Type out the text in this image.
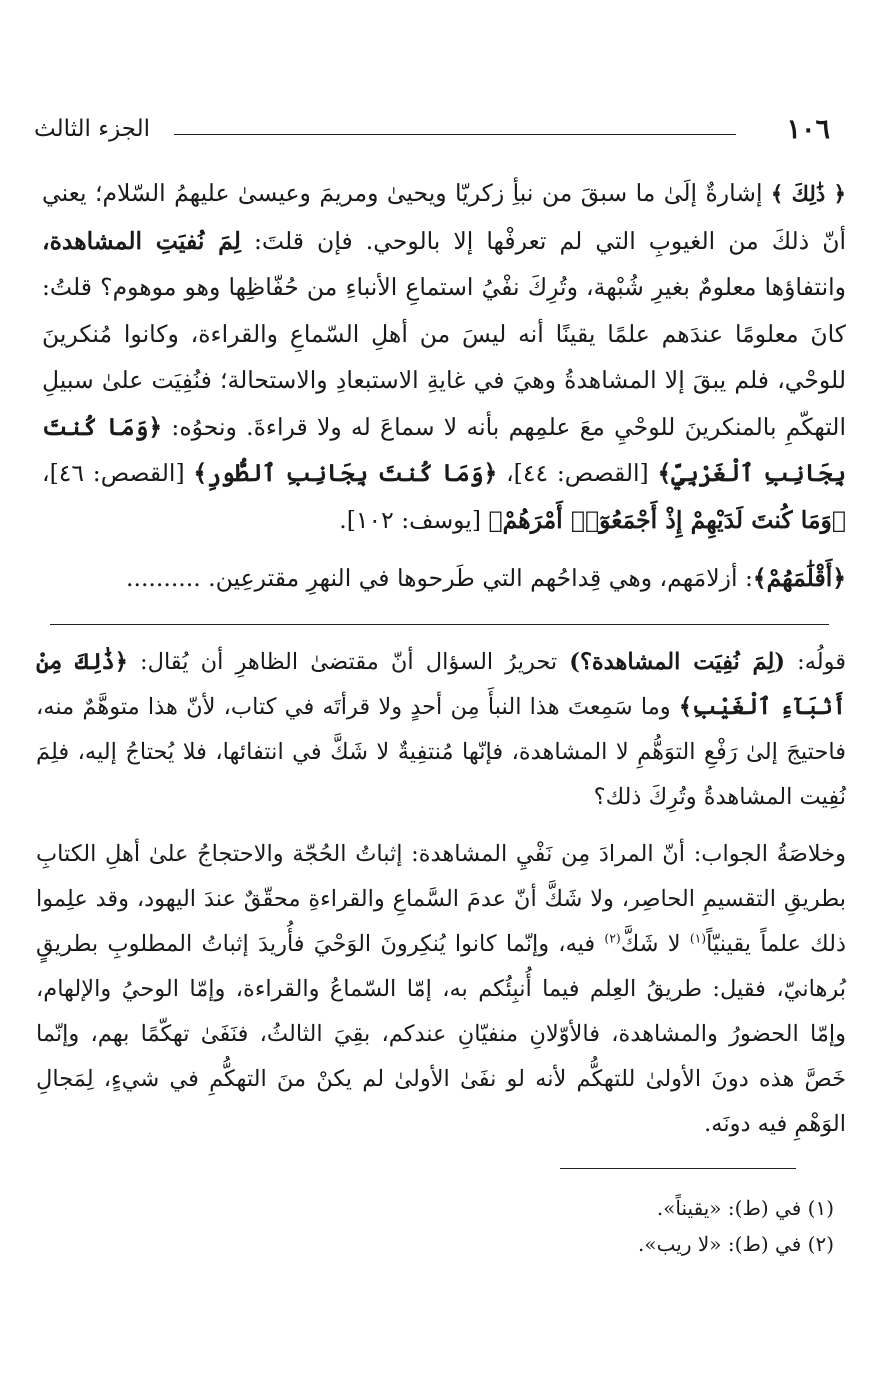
١٠٦
الجزء الثالث

﴿ ذَٰلِكَ ﴾ إشارةٌ إلَىٰ ما سبقَ من نبأِ زكريّا ويحيىٰ ومريمَ وعيسىٰ عليهمُ السّلام؛ يعني أنّ ذلكَ من الغيوبِ التي لم تعرفْها إلا بالوحي. فإن قلتَ: لِمَ نُفيَتِ المشاهدة، وانتفاؤها معلومٌ بغيرِ شُبْهة، وتُرِكَ نفْيُ استماعِ الأنباءِ من حُفّاظِها وهو موهوم؟ قلتُ: كانَ معلومًا عندَهم علمًا يقينًا أنه ليسَ من أهلِ السّماعِ والقراءة، وكانوا مُنكرينَ للوحْي، فلم يبقَ إلا المشاهدةُ وهيَ في غايةِ الاستبعادِ والاستحالة؛ فنُفِيَت علىٰ سبيلِ التهكّمِ بالمنكرينَ للوحْيِ معَ علمِهم بأنه لا سماعَ له ولا قراءةَ. ونحوُه: ﴿وَمَا كُنتَ بِجَانِبِ ٱلْغَرْبِيِّ﴾ [القصص: ٤٤]، ﴿وَمَا كُنتَ بِجَانِبِ ٱلطُّورِ﴾ [القصص: ٤٦]، ﴿وَمَا كُنتَ لَدَيْهِمْ إِذْ أَجْمَعُوٓا۟ أَمْرَهُمْ﴾ [يوسف: ١٠٢].

﴿أَقْلَٰمَهُمْ﴾: أزلامَهم، وهي قِداحُهم التي طَرحوها في النهرِ مقترعِين. ..........

قولُه: (لِمَ نُفِيَت المشاهدة؟) تحريرُ السؤال أنّ مقتضىٰ الظاهرِ أن يُقال: ﴿ذَٰلِكَ مِنْ أَنۢبَآءِ ٱلْغَيْبِ﴾ وما سَمِعتَ هذا النبأَ مِن أحدٍ ولا قرأتَه في كتاب، لأنّ هذا متوهَّمٌ منه، فاحتيجَ إلىٰ رَفْعِ التوَهُّمِ لا المشاهدة، فإنّها مُنتفِيةٌ لا شَكَّ في انتفائها، فلا يُحتاجُ إليه، فلِمَ نُفِيت المشاهدةُ وتُرِكَ ذلك؟

وخلاصَةُ الجواب: أنّ المرادَ مِن نَفْيِ المشاهدة: إثباتُ الحُجّة والاحتجاجُ علىٰ أهلِ الكتابِ بطريقِ التقسيمِ الحاصِر، ولا شَكَّ أنّ عدمَ السَّماعِ والقراءةِ محقّقٌ عندَ اليهود، وقد علِموا ذلك علماً يقينيّاً$^{(١)}$ لا شَكَّ$^{(٢)}$ فيه، وإنّما كانوا يُنكِرونَ الوَحْيَ فأُريدَ إثباتُ المطلوبِ بطريقٍ بُرهانيّ، فقيل: طريقُ العِلم فيما أُنبِئُكم به، إمّا السّماعُ والقراءة، وإمّا الوحيُ والإلهام، وإمّا الحضورُ والمشاهدة، فالأوّلانِ منفيّانِ عندكم، بقِيَ الثالثُ، فنَفَىٰ تهكّمًا بهم، وإنّما خَصَّ هذه دونَ الأولىٰ للتهكُّم لأنه لو نفَىٰ الأولىٰ لم يكنْ منَ التهكُّمِ في شيءٍ، لِمَجالِ الوَهْمِ فيه دونَه.

(١) في (ط): «يقيناً».
(٢) في (ط): «لا ريب».
